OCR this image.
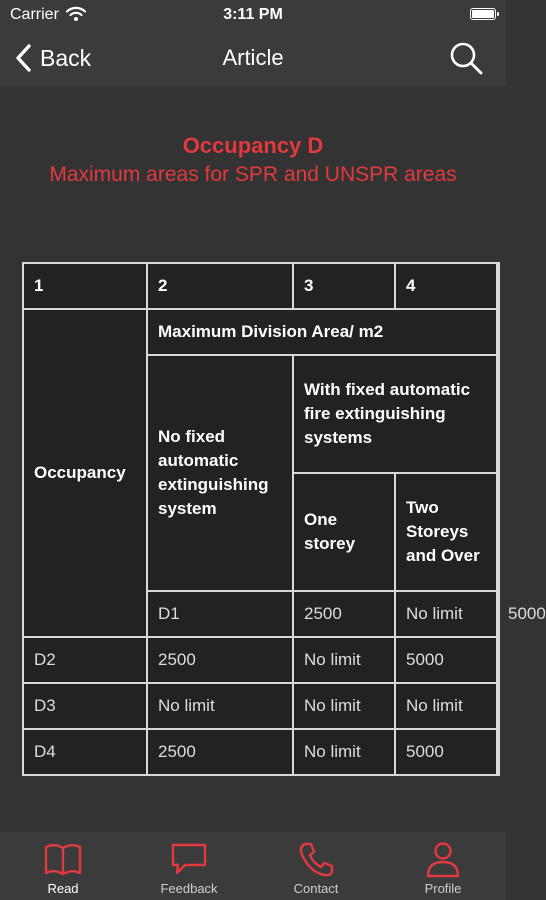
Carrier	3:11 PM
Back	Article
Occupancy D
Maximum areas for SPR and UNSPR areas
1	2	3	4	
Occupancy	Maximum Division Area/ m2			
	No fixed automatic extinguishing system	With fixed automatic fire extinguishing systems		
		One storey	Two Storeys and Over	
	D1	2500	No limit	5000
D2	2500	No limit	5000	
D3	No limit	No limit	No limit	
D4	2500	No limit	5000	
Read	Feedback	Contact	Profile
